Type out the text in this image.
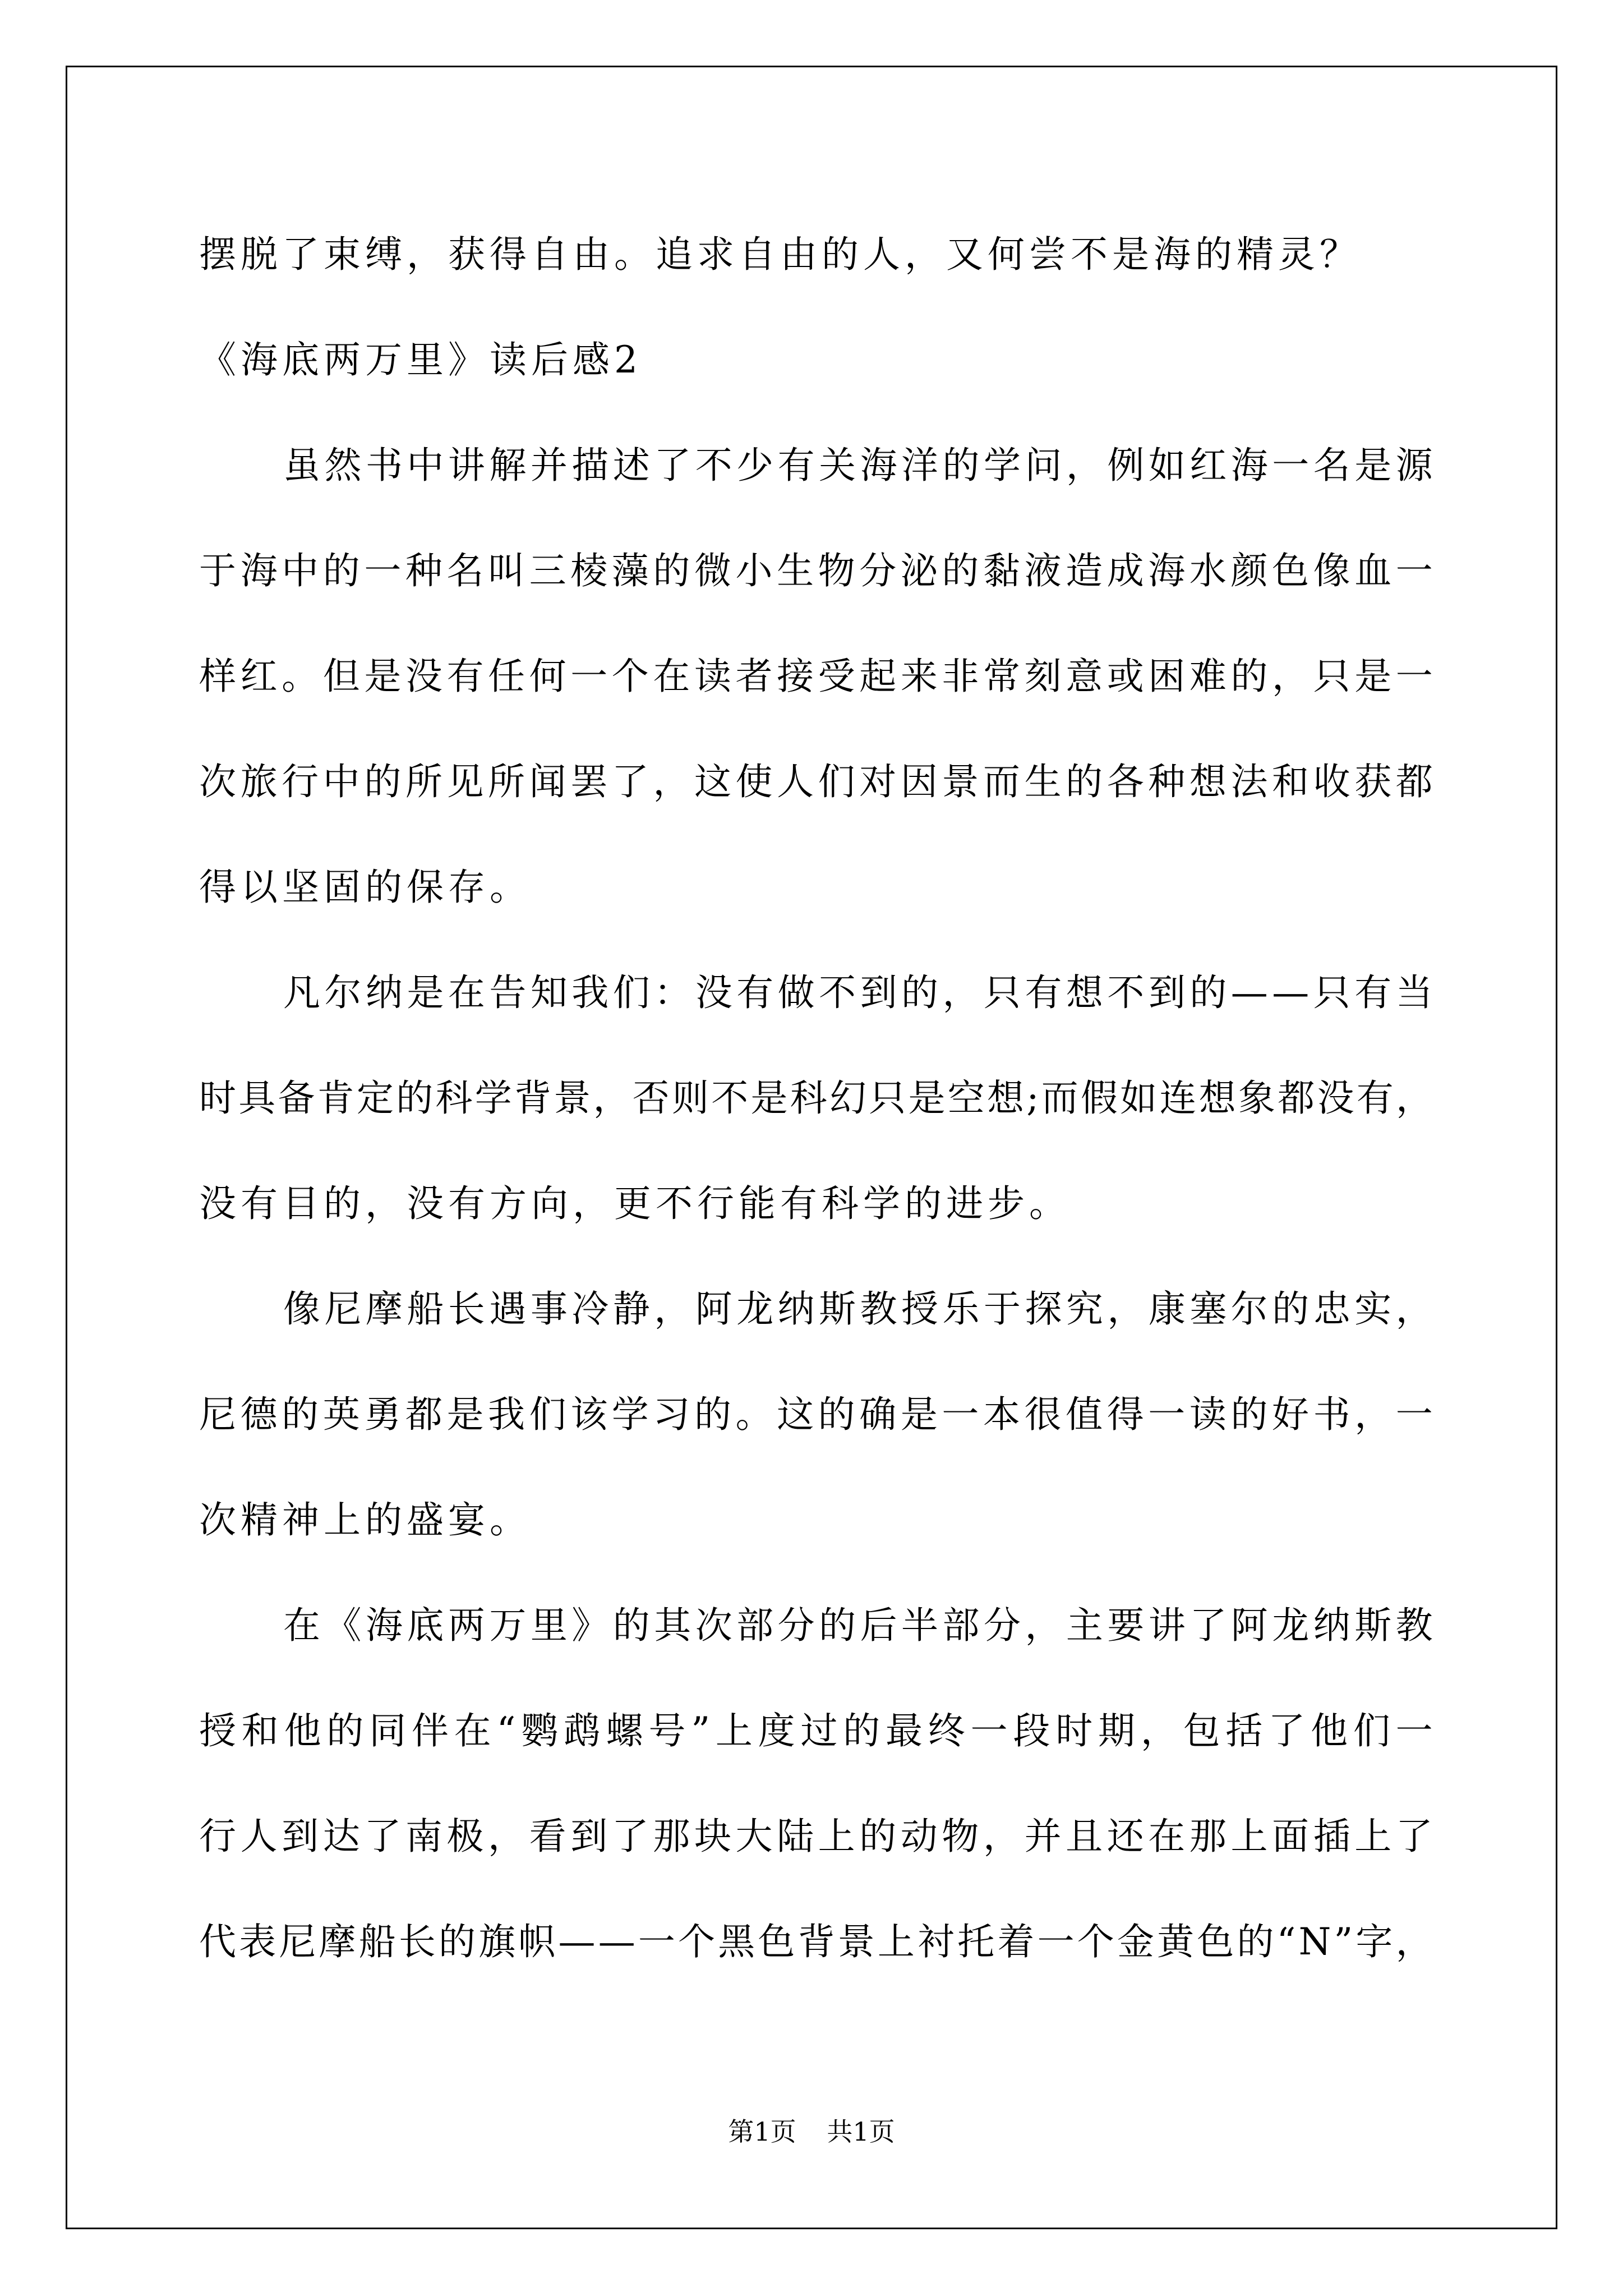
摆脱了束缚，获得自由。追求自由的人，又何尝不是海的精灵？
《海底两万里》读后感2
虽 然 书 中 讲 解 并 描 述 了 不 少 有 关 海 洋 的 学 问 ， 例 如 红 海 一 名 是 源
于 海 中 的 一 种 名 叫 三 棱 藻 的 微 小 生 物 分 泌 的 黏 液 造 成 海 水 颜 色 像 血 一
样 红 。 但 是 没 有 任 何 一 个 在 读 者 接 受 起 来 非 常 刻 意 或 困 难 的 ， 只 是 一
次 旅 行 中 的 所 见 所 闻 罢 了 ， 这 使 人 们 对 因 景 而 生 的 各 种 想 法 和 收 获 都
得以坚固的保存。
凡 尔 纳 是 在 告 知 我 们 ： 没 有 做 不 到 的 ， 只 有 想 不 到 的 — — 只 有 当
时 具 备 肯 定 的 科 学 背 景 ， 否 则 不 是 科 幻 只 是 空 想 ; 而 假 如 连 想 象 都 没 有 ，
没有目的，没有方向，更不行能有科学的进步。
像 尼 摩 船 长 遇 事 冷 静 ， 阿 龙 纳 斯 教 授 乐 于 探 究 ， 康 塞 尔 的 忠 实 ，
尼 德 的 英 勇 都 是 我 们 该 学 习 的 。 这 的 确 是 一 本 很 值 得 一 读 的 好 书 ， 一
次精神上的盛宴。
在 《 海 底 两 万 里 》 的 其 次 部 分 的 后 半 部 分 ， 主 要 讲 了 阿 龙 纳 斯 教
授 和 他 的 同 伴 在 “ 鹦 鹉 螺 号 ” 上 度 过 的 最 终 一 段 时 期 ， 包 括 了 他 们 一
行 人 到 达 了 南 极 ， 看 到 了 那 块 大 陆 上 的 动 物 ， 并 且 还 在 那 上 面 插 上 了
代 表 尼 摩 船 长 的 旗 帜 — — 一 个 黑 色 背 景 上 衬 托 着 一 个 金 黄 色 的 “ N ” 字 ，
第1页 共1页
